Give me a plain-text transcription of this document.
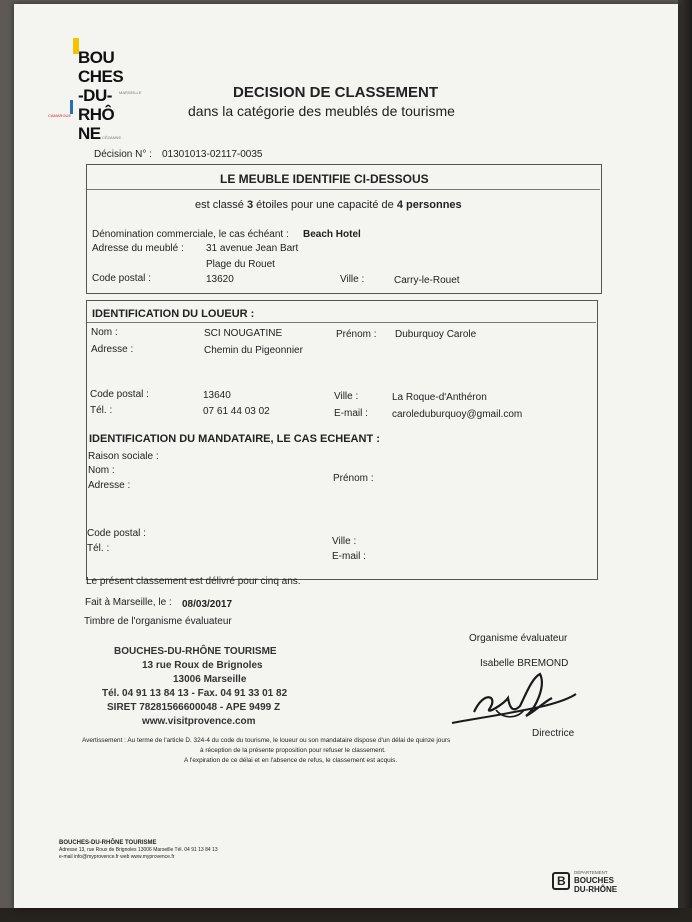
BOU
CHES
-DU-
RHÔ
NE
MARSEILLE
CAMARGUE
CÉZANNE
DECISION DE CLASSEMENT
dans la catégorie des meublés de tourisme
Décision N° : 01301013-02117-0035
LE MEUBLE IDENTIFIE CI-DESSOUS
est classé 3 étoiles pour une capacité de 4 personnes
Dénomination commerciale, le cas échéant : Beach Hotel
Adresse du meublé : 31 avenue Jean Bart
Plage du Rouet
Code postal :	13620	Ville :	Carry-le-Rouet
IDENTIFICATION DU LOUEUR :
Nom :	SCI NOUGATINE	Prénom : Duburquoy Carole
Adresse :	Chemin du Pigeonnier
Code postal :	13640	Ville :	La Roque-d'Anthéron
Tél. :	07 61 44 03 02	E-mail : caroleduburquoy@gmail.com
IDENTIFICATION DU MANDATAIRE, LE CAS ECHEANT :
Raison sociale :
Nom :
Prénom :
Adresse :
Code postal :
Ville :
Tél. :
E-mail :
Le présent classement est délivré pour cinq ans.
Fait à Marseille, le : 08/03/2017
Timbre de l'organisme évaluateur
Organisme évaluateur
Isabelle BREMOND
Directrice
BOUCHES-DU-RHÔNE TOURISME
13 rue Roux de Brignoles
13006 Marseille
Tél. 04 91 13 84 13 - Fax. 04 91 33 01 82
SIRET 78281566600048 - APE 9499 Z
www.visitprovence.com
Avertissement : Au terme de l'article D. 324-4 du code du tourisme, le loueur ou son mandataire dispose d'un délai de quinze jours
à réception de la présente proposition pour refuser le classement.
A l'expiration de ce délai et en l'absence de refus, le classement est acquis.
BOUCHES-DU-RHÔNE TOURISME
Adresse 13, rue Roux de Brignoles 13006 Marseille Tél. 04 91 13 84 13
e-mail info@myprovence.fr web www.myprovence.fr
B
DÉPARTEMENT
BOUCHES
DU-RHÔNE
